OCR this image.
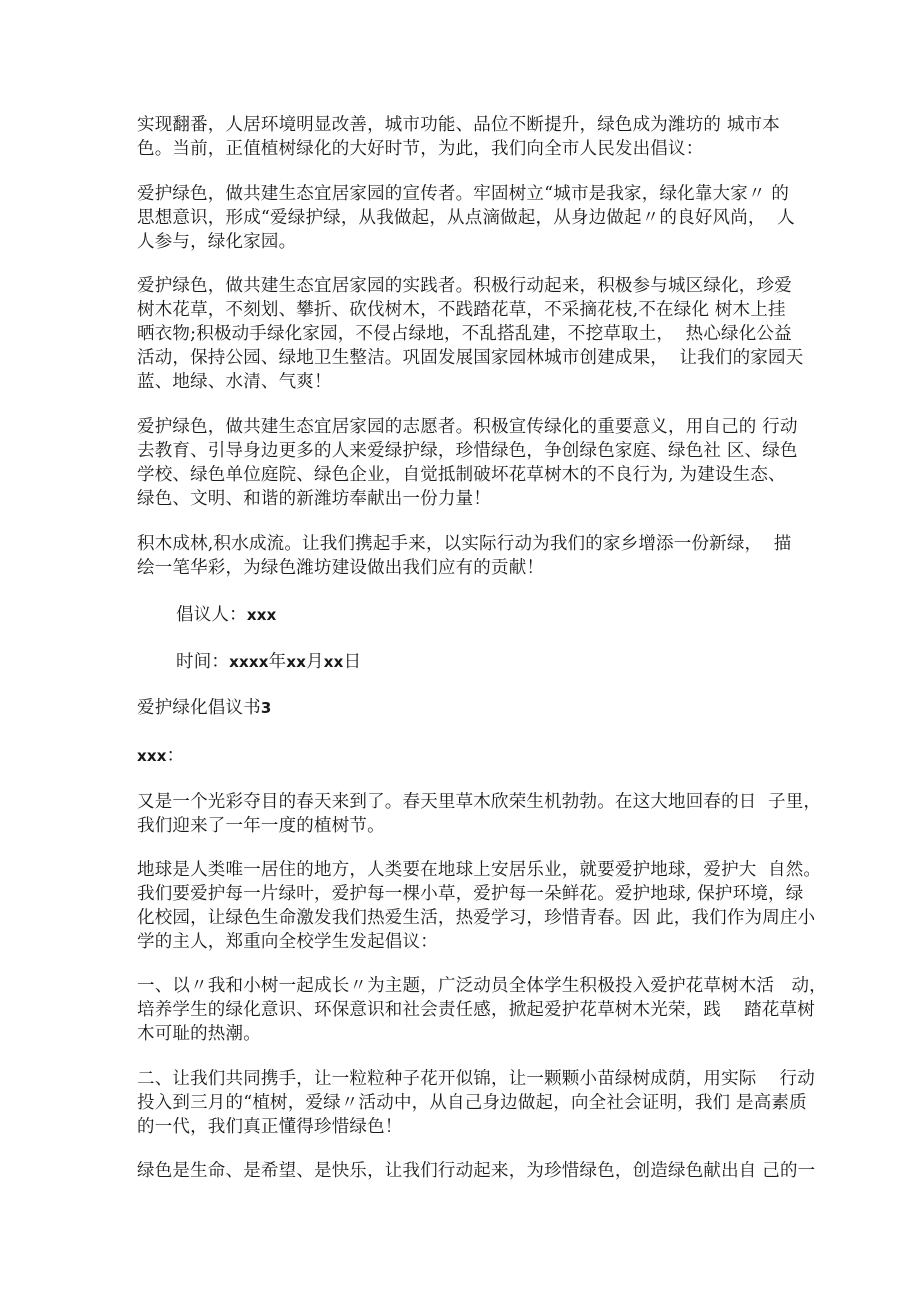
实现翻番，人居环境明显改善，城市功能、品位不断提升，绿色成为潍坊的 城市本
色。当前，正值植树绿化的大好时节，为此，我们向全市人民发出倡议：
爱护绿色，做共建生态宜居家园的宣传者。牢固树立“城市是我家，绿化靠大家〃 的
思想意识，形成“爱绿护绿，从我做起，从点滴做起，从身边做起〃的良好风尚，  人
人参与，绿化家园。
爱护绿色，做共建生态宜居家园的实践者。积极行动起来，积极参与城区绿化，珍爱
树木花草，不刻划、攀折、砍伐树木，不践踏花草，不采摘花枝,不在绿化 树木上挂
晒衣物;积极动手绿化家园，不侵占绿地，不乱搭乱建，不挖草取土，  热心绿化公益
活动，保持公园、绿地卫生整洁。巩固发展国家园林城市创建成果，  让我们的家园天
蓝、地绿、水清、气爽！
爱护绿色，做共建生态宜居家园的志愿者。积极宣传绿化的重要意义，用自己的 行动
去教育、引导身边更多的人来爱绿护绿，珍惜绿色，争创绿色家庭、绿色社 区、绿色
学校、绿色单位庭院、绿色企业，自觉抵制破坏花草树木的不良行为, 为建设生态、
绿色、文明、和谐的新潍坊奉献出一份力量！
积木成林,积水成流。让我们携起手来，以实际行动为我们的家乡增添一份新绿，  描
绘一笔华彩，为绿色潍坊建设做出我们应有的贡献！
倡议人：xxx
时间：xxxx年xx月xx日
爱护绿化倡议书3
xxx：
又是一个光彩夺目的春天来到了。春天里草木欣荣生机勃勃。在这大地回春的日  子里，
我们迎来了一年一度的植树节。
地球是人类唯一居住的地方，人类要在地球上安居乐业，就要爱护地球，爱护大  自然。
我们要爱护每一片绿叶，爱护每一棵小草，爱护每一朵鲜花。爱护地球, 保护环境，绿
化校园，让绿色生命激发我们热爱生活，热爱学习，珍惜青春。因 此，我们作为周庄小
学的主人，郑重向全校学生发起倡议：
一、以〃我和小树一起成长〃为主题，广泛动员全体学生积极投入爱护花草树木活   动，
培养学生的绿化意识、环保意识和社会责任感，掀起爱护花草树木光荣，践    踏花草树
木可耻的热潮。
二、让我们共同携手，让一粒粒种子花开似锦，让一颗颗小苗绿树成荫，用实际    行动
投入到三月的“植树，爱绿〃活动中，从自己身边做起，向全社会证明，我们 是高素质
的一代，我们真正懂得珍惜绿色！
绿色是生命、是希望、是快乐，让我们行动起来，为珍惜绿色，创造绿色献出自 己的一
